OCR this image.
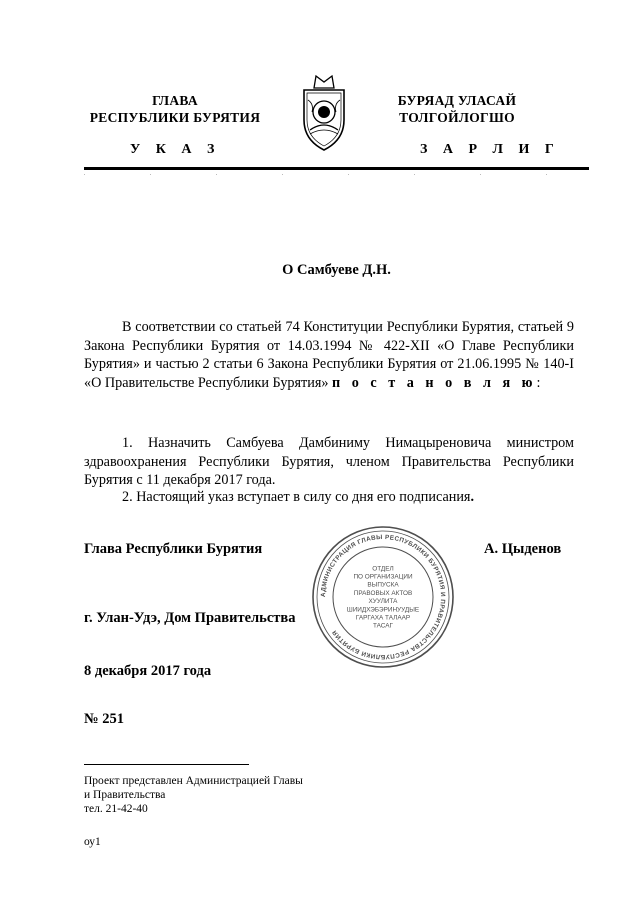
ГЛАВА
РЕСПУБЛИКИ БУРЯТИЯ
У К А З
БУРЯАД УЛАСАЙ
ТОЛГОЙЛОГШО
З А Р Л И Г
О Самбуеве Д.Н.
В соответствии со статьей 74 Конституции Республики Бурятия, статьей 9 Закона Республики Бурятия от 14.03.1994 № 422-XII «О Главе Республики Бурятия» и частью 2 статьи 6 Закона Республики Бурятия от 21.06.1995 № 140-I «О Правительстве Республики Бурятия» п о с т а н о в л я ю:
1. Назначить Самбуева Дамбиниму Нимацыреновича министром здравоохранения Республики Бурятия, членом Правительства Республики Бурятия с 11 декабря 2017 года.
2. Настоящий указ вступает в силу со дня его подписания.
Глава Республики Бурятия	А. Цыденов
г. Улан-Удэ, Дом Правительства
8 декабря 2017 года
№ 251
АДМИНИСТРАЦИЯ ГЛАВЫ РЕСПУБЛИКИ БУРЯТИЯ И ПРАВИТЕЛЬСТВА РЕСПУБЛИКИ БУРЯТИЯ
ОТДЕЛ
ПО ОРГАНИЗАЦИИ
ВЫПУСКА
ПРАВОВЫХ АКТОВ
ХУУЛИТА
ШИИДХЭБЭРИНУУДЫЕ
ГАРГАХА ТАЛААР
ТАСАГ
Проект представлен Администрацией Главы
и Правительства
тел. 21-42-40
оу1
